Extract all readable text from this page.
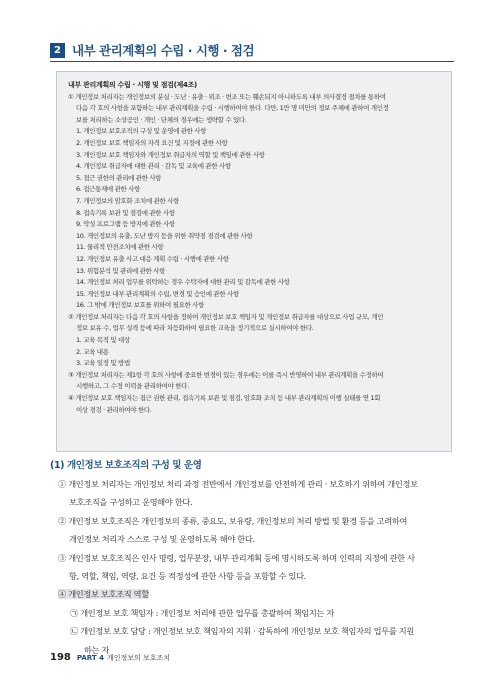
2 내부 관리계획의 수립 · 시행 · 점검
내부 관리계획의 수립 · 시행 및 점검(제4조)
① 개인정보 처리자는 개인정보의 분실 · 도난 · 유출 · 위조 · 변조 또는 훼손되지 아니하도록 내부 의사결정 절차를 통하여
다음 각 호의 사항을 포함하는 내부 관리계획을 수립 · 시행하여야 한다. 다만, 1만 명 미만의 정보 주체에 관하여 개인정
보를 처리하는 소상공인 · 개인 · 단체의 경우에는 생략할 수 있다.
1. 개인정보 보호조직의 구성 및 운영에 관한 사항
2. 개인정보 보호 책임자의 자격 요건 및 지정에 관한 사항
3. 개인정보 보호 책임자와 개인정보 취급자의 역할 및 책임에 관한 사항
4. 개인정보 취급자에 대한 관리 · 감독 및 교육에 관한 사항
5. 접근 권한의 관리에 관한 사항
6. 접근통제에 관한 사항
7. 개인정보의 암호화 조치에 관한 사항
8. 접속기록 보관 및 점검에 관한 사항
9. 악성 프로그램 등 방지에 관한 사항
10. 개인정보의 유출, 도난 방지 등을 위한 취약점 점검에 관한 사항
11. 물리적 안전조치에 관한 사항
12. 개인정보 유출 사고 대응 계획 수립 · 시행에 관한 사항
13. 위험분석 및 관리에 관한 사항
14. 개인정보 처리 업무를 위탁하는 경우 수탁자에 대한 관리 및 감독에 관한 사항
15. 개인정보 내부 관리계획의 수립, 변경 및 승인에 관한 사항
16. 그 밖에 개인정보 보호를 위하여 필요한 사항
② 개인정보 처리자는 다음 각 호의 사항을 정하여 개인정보 보호 책임자 및 개인정보 취급자를 대상으로 사업 규모, 개인
정보 보유 수, 업무 성격 등에 따라 차등화하여 필요한 교육을 정기적으로 실시하여야 한다.
1. 교육 목적 및 대상
2. 교육 내용
3. 교육 일정 및 방법
③ 개인정보 처리자는 제1항 각 호의 사항에 중요한 변경이 있는 경우에는 이를 즉시 반영하여 내부 관리계획을 수정하여
시행하고, 그 수정 이력을 관리하여야 한다.
④ 개인정보 보호 책임자는 접근 권한 관리, 접속기록 보관 및 점검, 암호화 조치 등 내부 관리계획의 이행 실태를 연 1회
이상 점검 · 관리하여야 한다.
(1) 개인정보 보호조직의 구성 및 운영
① 개인정보 처리자는 개인정보 처리 과정 전반에서 개인정보를 안전하게 관리 · 보호하기 위하여 개인정보
보호조직을 구성하고 운영해야 한다.
② 개인정보 보호조직은 개인정보의 종류, 중요도, 보유량, 개인정보의 처리 방법 및 환경 등을 고려하여
개인정보 처리자 스스로 구성 및 운영하도록 해야 한다.
③ 개인정보 보호조직은 인사 명령, 업무분장, 내부 관리계획 등에 명시하도록 하며 인력의 지정에 관한 사
항, 역할, 책임, 역량, 요건 등 적정성에 관한 사항 등을 포함할 수 있다.
④ 개인정보 보호조직 역할
㉠ 개인정보 보호 책임자 : 개인정보 처리에 관한 업무를 총괄하여 책임지는 자
㉡ 개인정보 보호 담당 : 개인정보 보호 책임자의 지휘 · 감독하에 개인정보 보호 책임자의 업무를 지원
하는 자
198 PART 4 개인정보의 보호조치
